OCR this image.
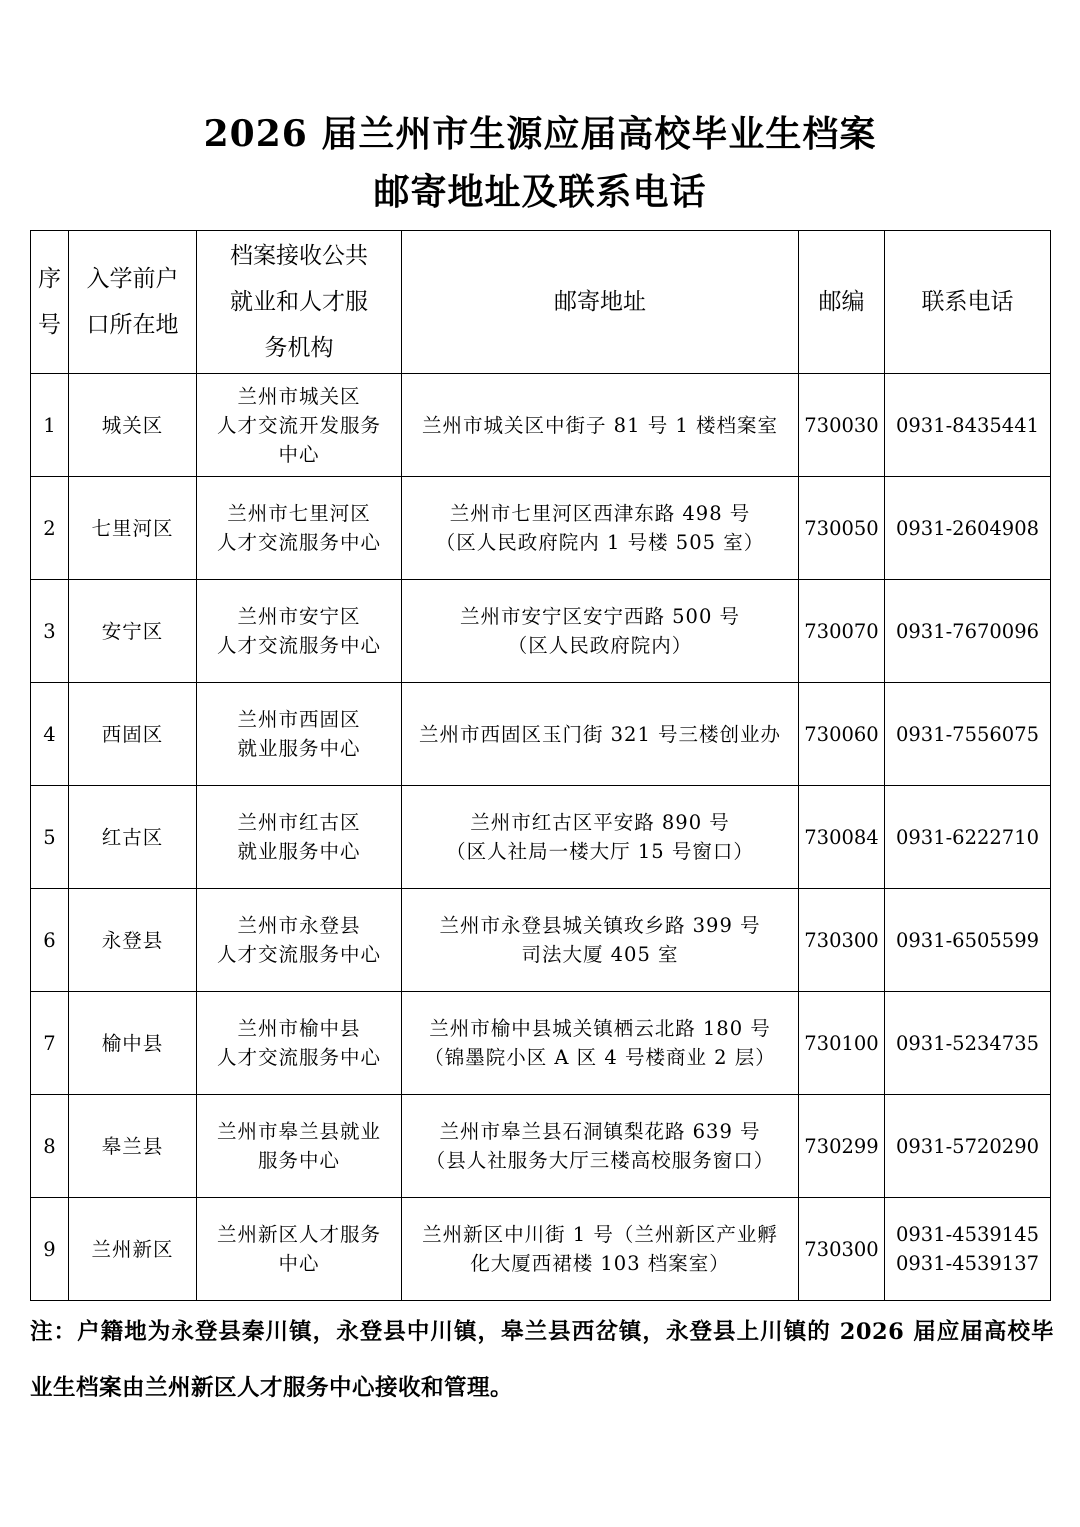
2026 届兰州市生源应届高校毕业生档案
邮寄地址及联系电话
序
号	入学前户
口所在地	档案接收公共
就业和人才服
务机构	邮寄地址	邮编	联系电话

1	城关区	兰州市城关区
人才交流开发服务
中心	兰州市城关区中街子 81 号 1 楼档案室	730030	0931-8435441

2	七里河区	兰州市七里河区
人才交流服务中心	兰州市七里河区西津东路 498 号
（区人民政府院内 1 号楼 505 室）	730050	0931-2604908

3	安宁区	兰州市安宁区
人才交流服务中心	兰州市安宁区安宁西路 500 号
（区人民政府院内）	730070	0931-7670096

4	西固区	兰州市西固区
就业服务中心	兰州市西固区玉门街 321 号三楼创业办	730060	0931-7556075

5	红古区	兰州市红古区
就业服务中心	兰州市红古区平安路 890 号
（区人社局一楼大厅 15 号窗口）	730084	0931-6222710

6	永登县	兰州市永登县
人才交流服务中心	兰州市永登县城关镇玫乡路 399 号
司法大厦 405 室	730300	0931-6505599

7	榆中县	兰州市榆中县
人才交流服务中心	兰州市榆中县城关镇栖云北路 180 号
（锦墨院小区 A 区 4 号楼商业 2 层）	730100	0931-5234735

8	皋兰县	兰州市皋兰县就业
服务中心	兰州市皋兰县石洞镇梨花路 639 号
（县人社服务大厅三楼高校服务窗口）	730299	0931-5720290

9	兰州新区	兰州新区人才服务
中心	兰州新区中川街 1 号（兰州新区产业孵
化大厦西裙楼 103 档案室）	730300	0931-4539145
0931-4539137
注：户籍地为永登县秦川镇，永登县中川镇，皋兰县西岔镇，永登县上川镇的 2026 届应届高校毕业生档案由兰州新区人才服务中心接收和管理。
